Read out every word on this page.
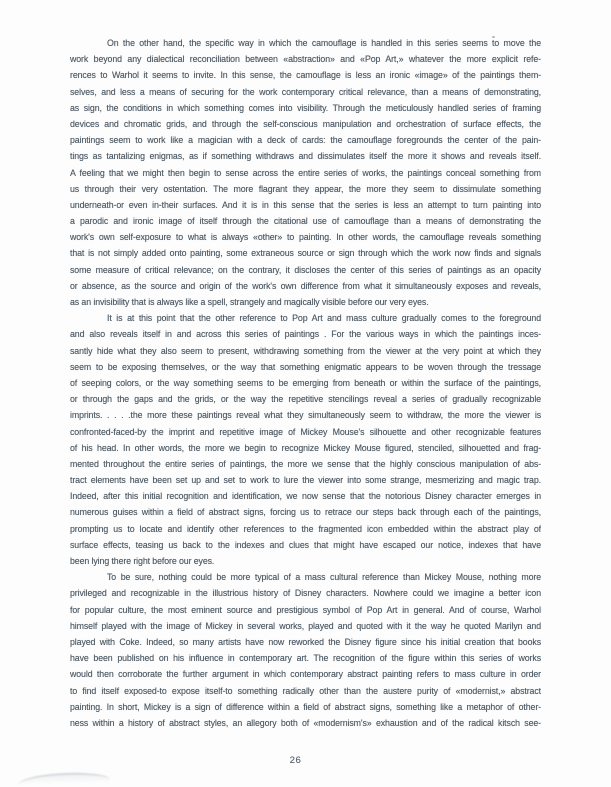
On the other hand, the specific way in which the camouflage is handled in this series seems to move the
work beyond any dialectical reconciliation between «abstraction» and «Pop Art,» whatever the more explicit refe-
rences to Warhol it seems to invite. In this sense, the camouflage is less an ironic «image» of the paintings them-
selves, and less a means of securing for the work contemporary critical relevance, than a means of demonstrating,
as sign, the conditions in which something comes into visibility. Through the meticulously handled series of framing
devices and chromatic grids, and through the self-conscious manipulation and orchestration of surface effects, the
paintings seem to work like a magician with a deck of cards: the camouflage foregrounds the center of the pain-
tings as tantalizing enigmas, as if something withdraws and dissimulates itself the more it shows and reveals itself.
A feeling that we might then begin to sense across the entire series of works, the paintings conceal something from
us through their very ostentation. The more flagrant they appear, the more they seem to dissimulate something
underneath-or even in-their surfaces. And it is in this sense that the series is less an attempt to turn painting into
a parodic and ironic image of itself through the citational use of camouflage than a means of demonstrating the
work's own self-exposure to what is always «other» to painting. In other words, the camouflage reveals something
that is not simply added onto painting, some extraneous source or sign through which the work now finds and signals
some measure of critical relevance; on the contrary, it discloses the center of this series of paintings as an opacity
or absence, as the source and origin of the work's own difference from what it simultaneously exposes and reveals,
as an invisibility that is always like a spell, strangely and magically visible before our very eyes.
It is at this point that the other reference to Pop Art and mass culture gradually comes to the foreground
and also reveals itself in and across this series of paintings . For the various ways in which the paintings inces-
santly hide what they also seem to present, withdrawing something from the viewer at the very point at which they
seem to be exposing themselves, or the way that something enigmatic appears to be woven through the tressage
of seeping colors, or the way something seems to be emerging from beneath or within the surface of the paintings,
or through the gaps and the grids, or the way the repetitive stencilings reveal a series of gradually recognizable
imprints. . . . .the more these paintings reveal what they simultaneously seem to withdraw, the more the viewer is
confronted-faced-by the imprint and repetitive image of Mickey Mouse's silhouette and other recognizable features
of his head. In other words, the more we begin to recognize Mickey Mouse figured, stenciled, silhouetted and frag-
mented throughout the entire series of paintings, the more we sense that the highly conscious manipulation of abs-
tract elements have been set up and set to work to lure the viewer into some strange, mesmerizing and magic trap.
Indeed, after this initial recognition and identification, we now sense that the notorious Disney character emerges in
numerous guises within a field of abstract signs, forcing us to retrace our steps back through each of the paintings,
prompting us to locate and identify other references to the fragmented icon embedded within the abstract play of
surface effects, teasing us back to the indexes and clues that might have escaped our notice, indexes that have
been lying there right before our eyes.
To be sure, nothing could be more typical of a mass cultural reference than Mickey Mouse, nothing more
privileged and recognizable in the illustrious history of Disney characters. Nowhere could we imagine a better icon
for popular culture, the most eminent source and prestigious symbol of Pop Art in general. And of course, Warhol
himself played with the image of Mickey in several works, played and quoted with it the way he quoted Marilyn and
played with Coke. Indeed, so many artists have now reworked the Disney figure since his initial creation that books
have been published on his influence in contemporary art. The recognition of the figure within this series of works
would then corroborate the further argument in which contemporary abstract painting refers to mass culture in order
to find itself exposed-to expose itself-to something radically other than the austere purity of «modernist,» abstract
painting. In short, Mickey is a sign of difference within a field of abstract signs, something like a metaphor of other-
ness within a history of abstract styles, an allegory both of «modernism's» exhaustion and of the radical kitsch see-
26
